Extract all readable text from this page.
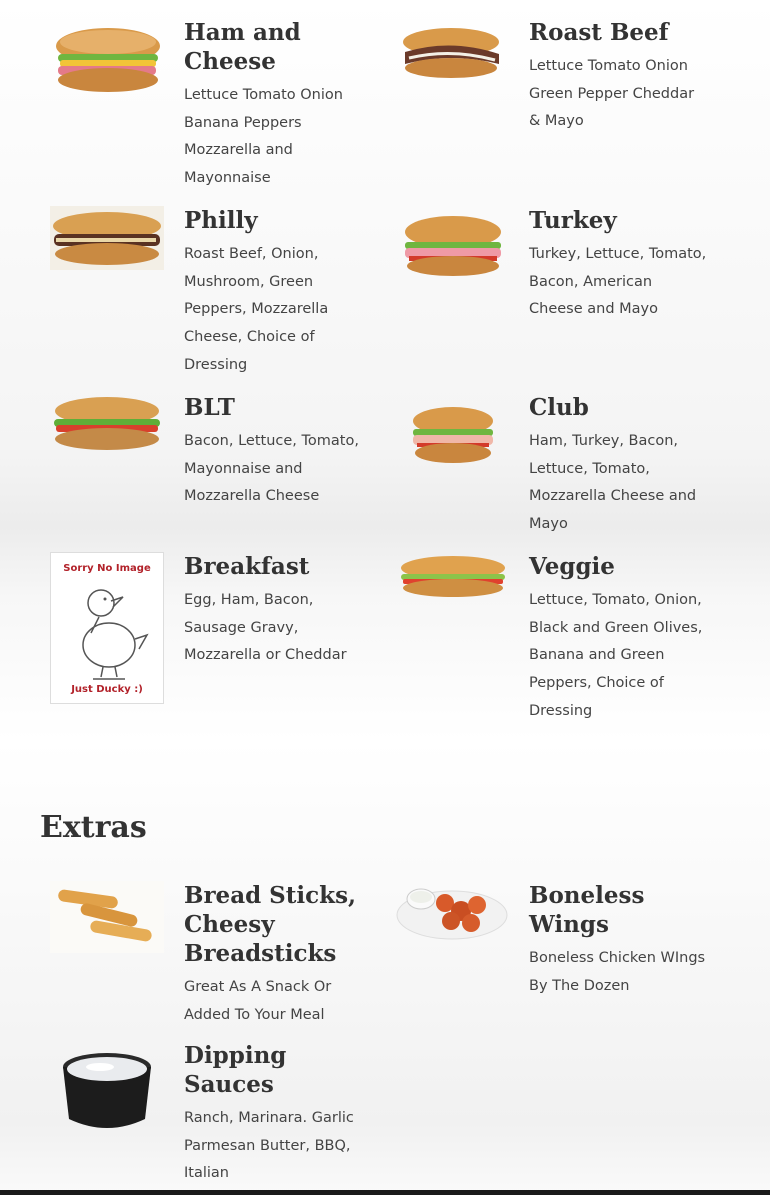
Ham and Cheese

Lettuce Tomato Onion Banana Peppers Mozzarella and Mayonnaise

Roast Beef

Lettuce Tomato Onion Green Pepper Cheddar & Mayo

Philly

Roast Beef, Onion, Mushroom, Green Peppers, Mozzarella Cheese, Choice of Dressing

Turkey

Turkey, Lettuce, Tomato, Bacon, American Cheese and Mayo

BLT

Bacon, Lettuce, Tomato, Mayonnaise and Mozzarella Cheese

Club

Ham, Turkey, Bacon, Lettuce, Tomato, Mozzarella Cheese and Mayo

Sorry No Image
Just Ducky :)

Breakfast

Egg, Ham, Bacon, Sausage Gravy, Mozzarella or Cheddar

Veggie

Lettuce, Tomato, Onion, Black and Green Olives, Banana and Green Peppers, Choice of Dressing

Extras

Bread Sticks, Cheesy Breadsticks

Great As A Snack Or Added To Your Meal

Boneless Wings

Boneless Chicken WIngs By The Dozen

Dipping Sauces

Ranch, Marinara. Garlic Parmesan Butter, BBQ, Italian
